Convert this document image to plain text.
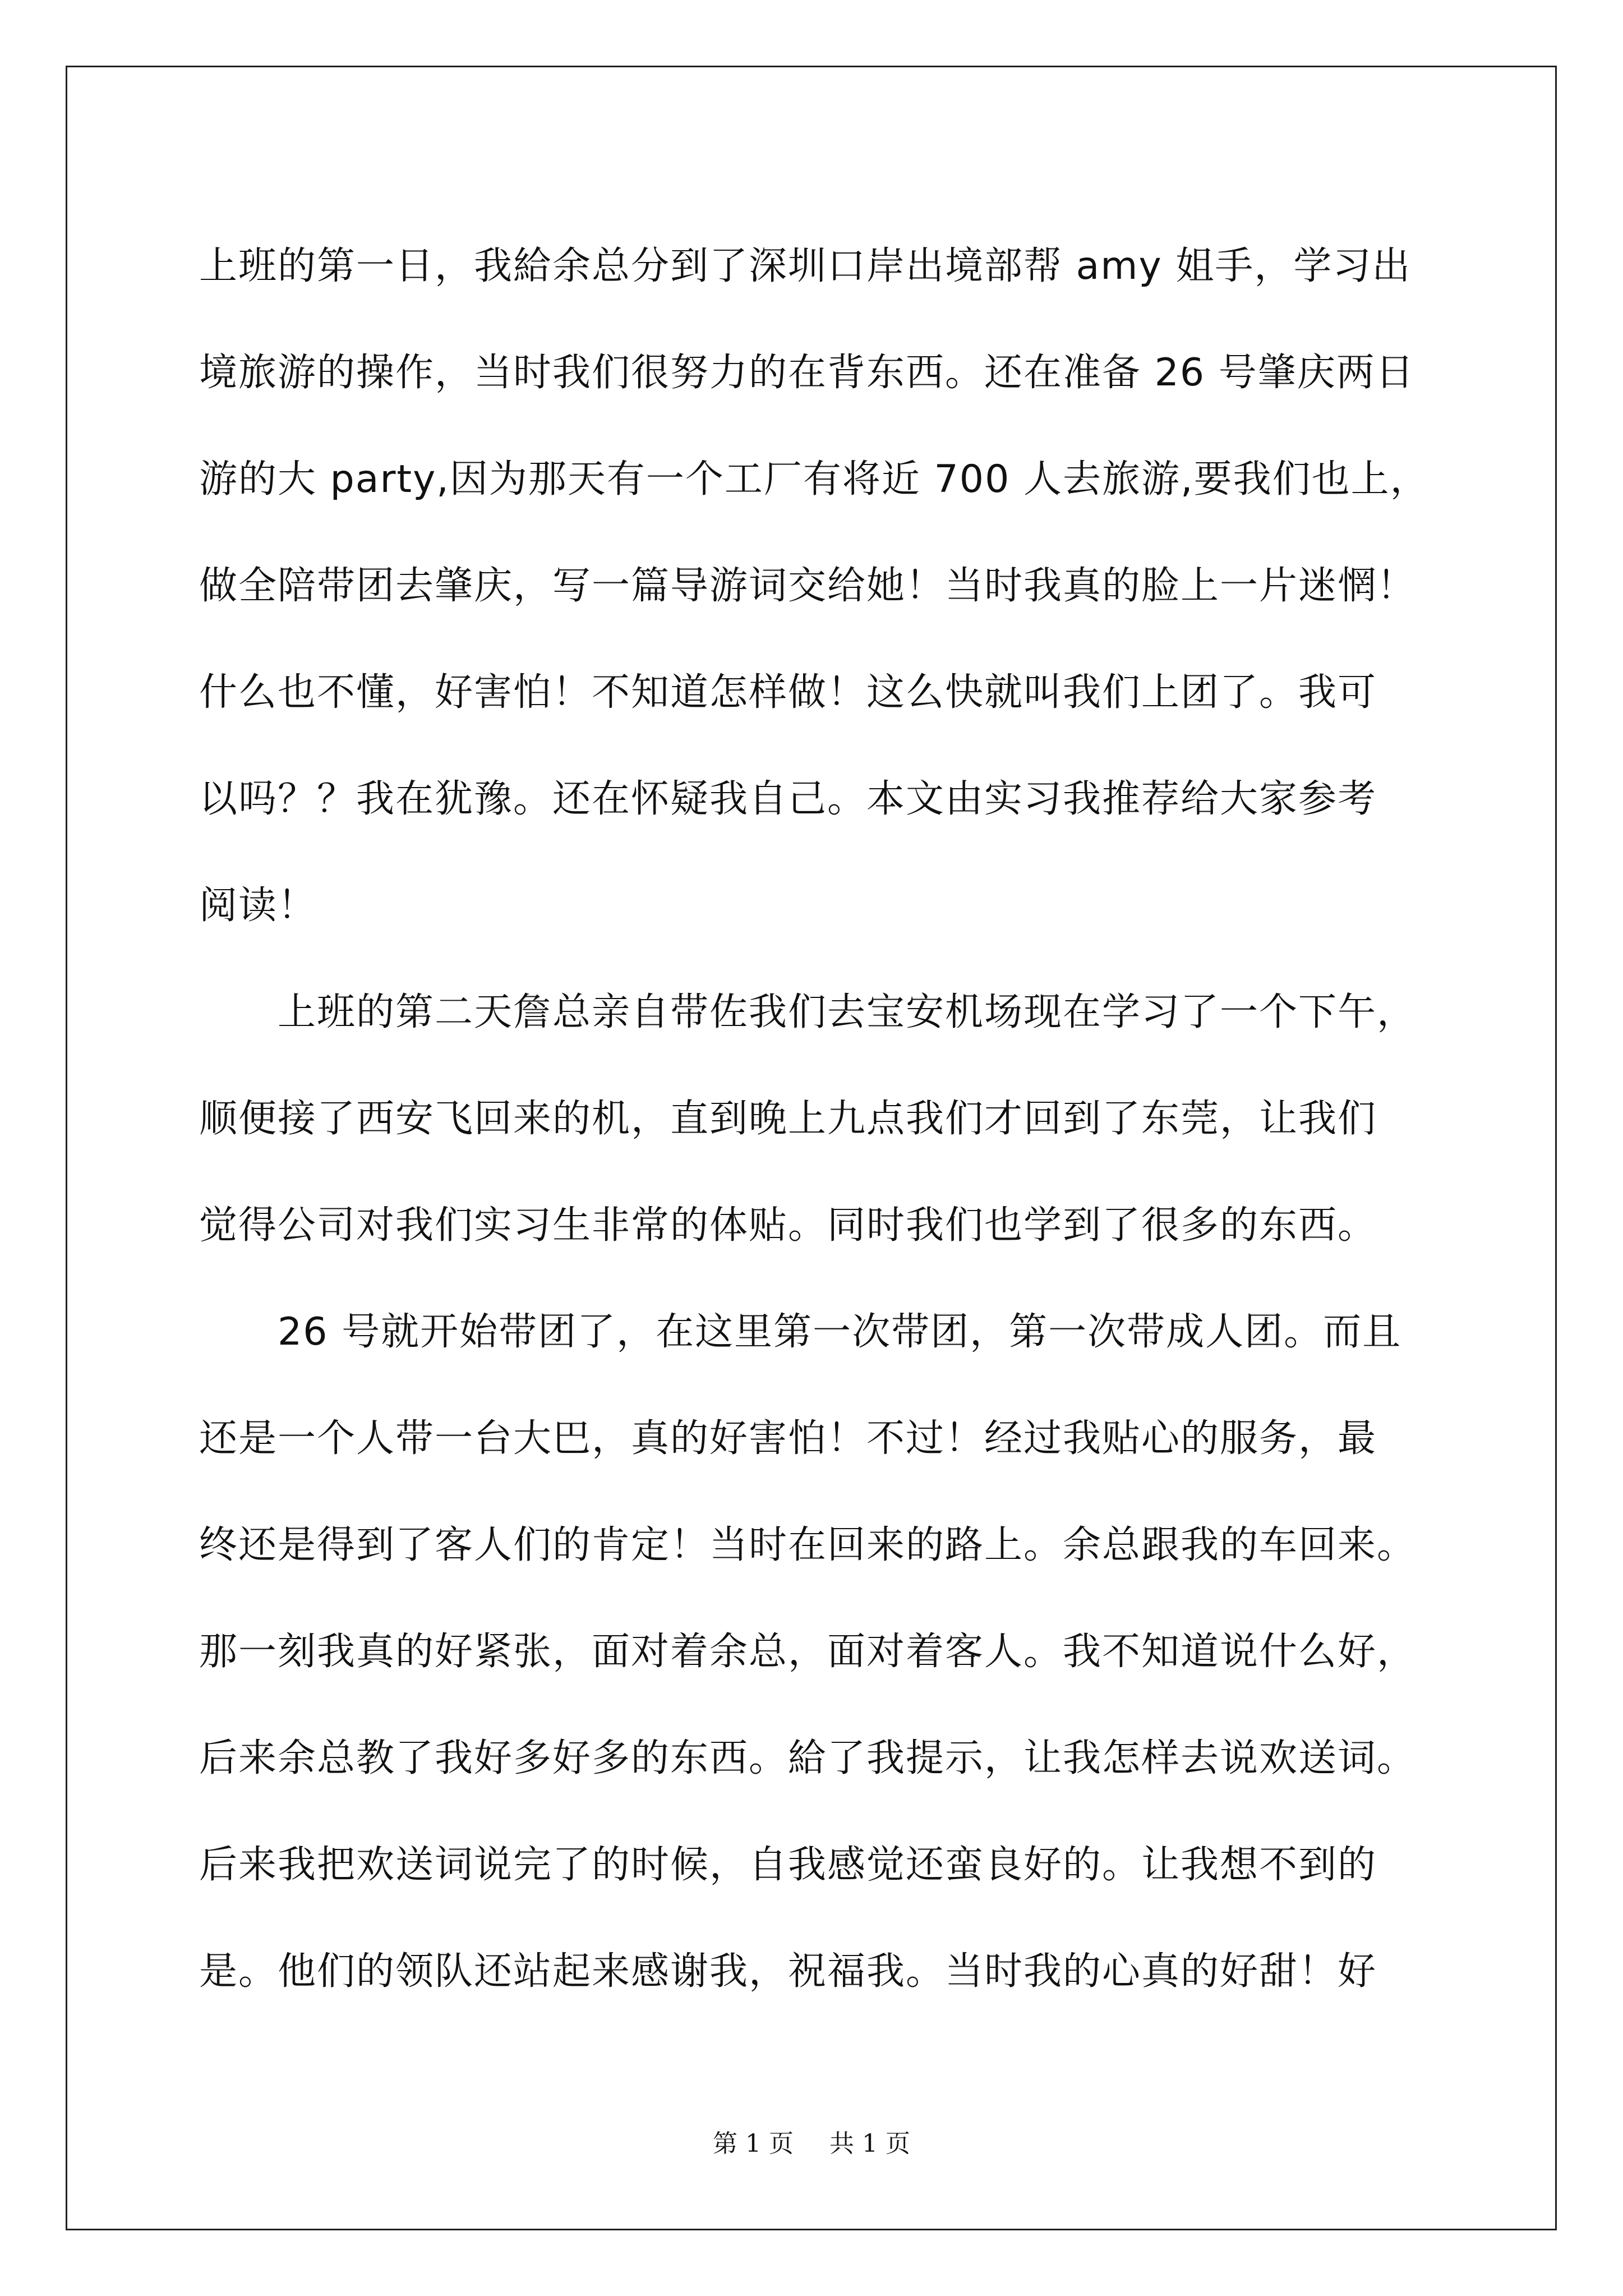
上班的第一日，我給余总分到了深圳口岸出境部帮 amy 姐手，学习出
境旅游的操作，当时我们很努力的在背东西。还在准备 26 号肇庆两日
游的大 party,因为那天有一个工厂有将近 700 人去旅游,要我们也上，
做全陪带团去肇庆，写一篇导游词交给她！当时我真的脸上一片迷惘！
什么也不懂，好害怕！不知道怎样做！这么快就叫我们上团了。我可
以吗？？我在犹豫。还在怀疑我自己。本文由实习我推荐给大家参考
阅读！
上班的第二天詹总亲自带佐我们去宝安机场现在学习了一个下午，
顺便接了西安飞回来的机，直到晚上九点我们才回到了东莞，让我们
觉得公司对我们实习生非常的体贴。同时我们也学到了很多的东西。
26 号就开始带团了，在这里第一次带团，第一次带成人团。而且
还是一个人带一台大巴，真的好害怕！不过！经过我贴心的服务，最
终还是得到了客人们的肯定！当时在回来的路上。余总跟我的车回来。
那一刻我真的好紧张，面对着余总，面对着客人。我不知道说什么好，
后来余总教了我好多好多的东西。給了我提示，让我怎样去说欢送词。
后来我把欢送词说完了的时候，自我感觉还蛮良好的。让我想不到的
是。他们的领队还站起来感谢我，祝福我。当时我的心真的好甜！好
第 1 页 共 1 页
